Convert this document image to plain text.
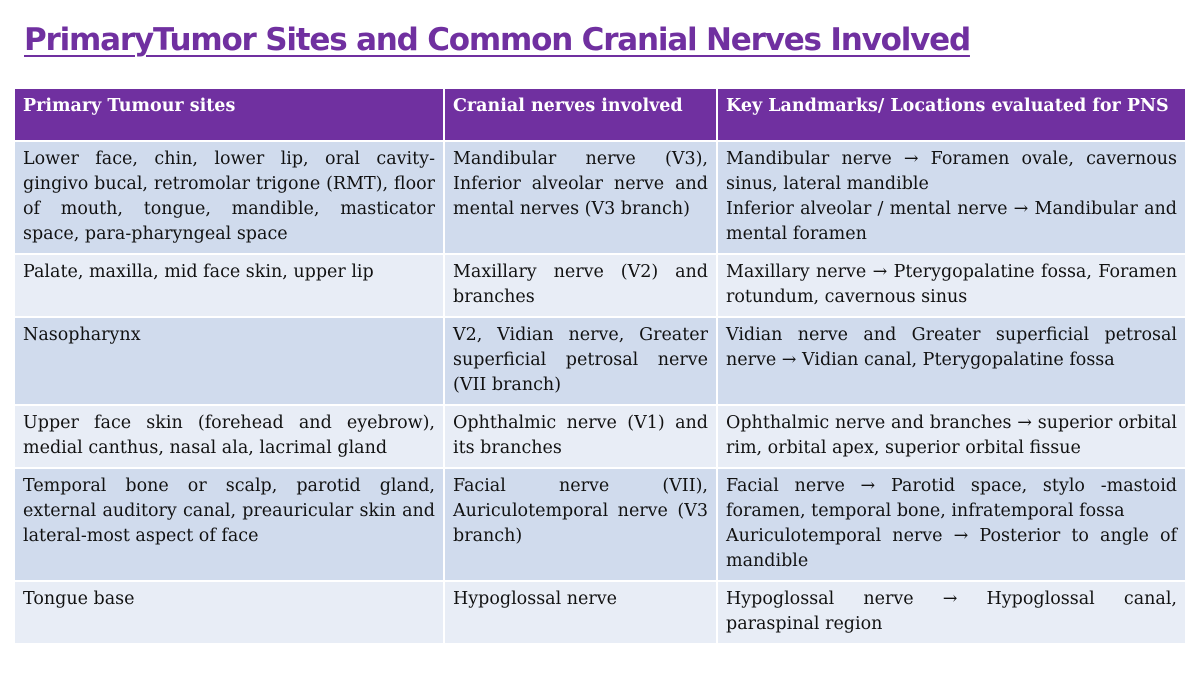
PrimaryTumor Sites and Common Cranial Nerves Involved
Primary Tumour sites	Cranial nerves involved	Key Landmarks/ Locations evaluated for PNS
Lower face, chin, lower lip, oral cavity- gingivo bucal, retromolar trigone (RMT), floor of mouth, tongue, mandible, masticator space, para-pharyngeal space	Mandibular nerve (V3), Inferior alveolar nerve and mental nerves (V3 branch)	Mandibular nerve → Foramen ovale, cavernous sinus, lateral mandible
Inferior alveolar / mental nerve → Mandibular and mental foramen

Palate, maxilla, mid face skin, upper lip	Maxillary nerve (V2) and branches	Maxillary nerve → Pterygopalatine fossa, Foramen rotundum, cavernous sinus

Nasopharynx	V2, Vidian nerve, Greater superficial petrosal nerve (VII branch)	Vidian nerve and Greater superficial petrosal nerve → Vidian canal, Pterygopalatine fossa

Upper face skin (forehead and eyebrow), medial canthus, nasal ala, lacrimal gland	Ophthalmic nerve (V1) and its branches	Ophthalmic nerve and branches → superior orbital rim, orbital apex, superior orbital fissue

Temporal bone or scalp, parotid gland, external auditory canal, preauricular skin and lateral-most aspect of face	Facial nerve (VII), Auriculotemporal nerve (V3 branch)	Facial nerve → Parotid space, stylo -mastoid foramen, temporal bone, infratemporal fossa
Auriculotemporal nerve → Posterior to angle of mandible

Tongue base	Hypoglossal nerve	Hypoglossal nerve → Hypoglossal canal, paraspinal region
